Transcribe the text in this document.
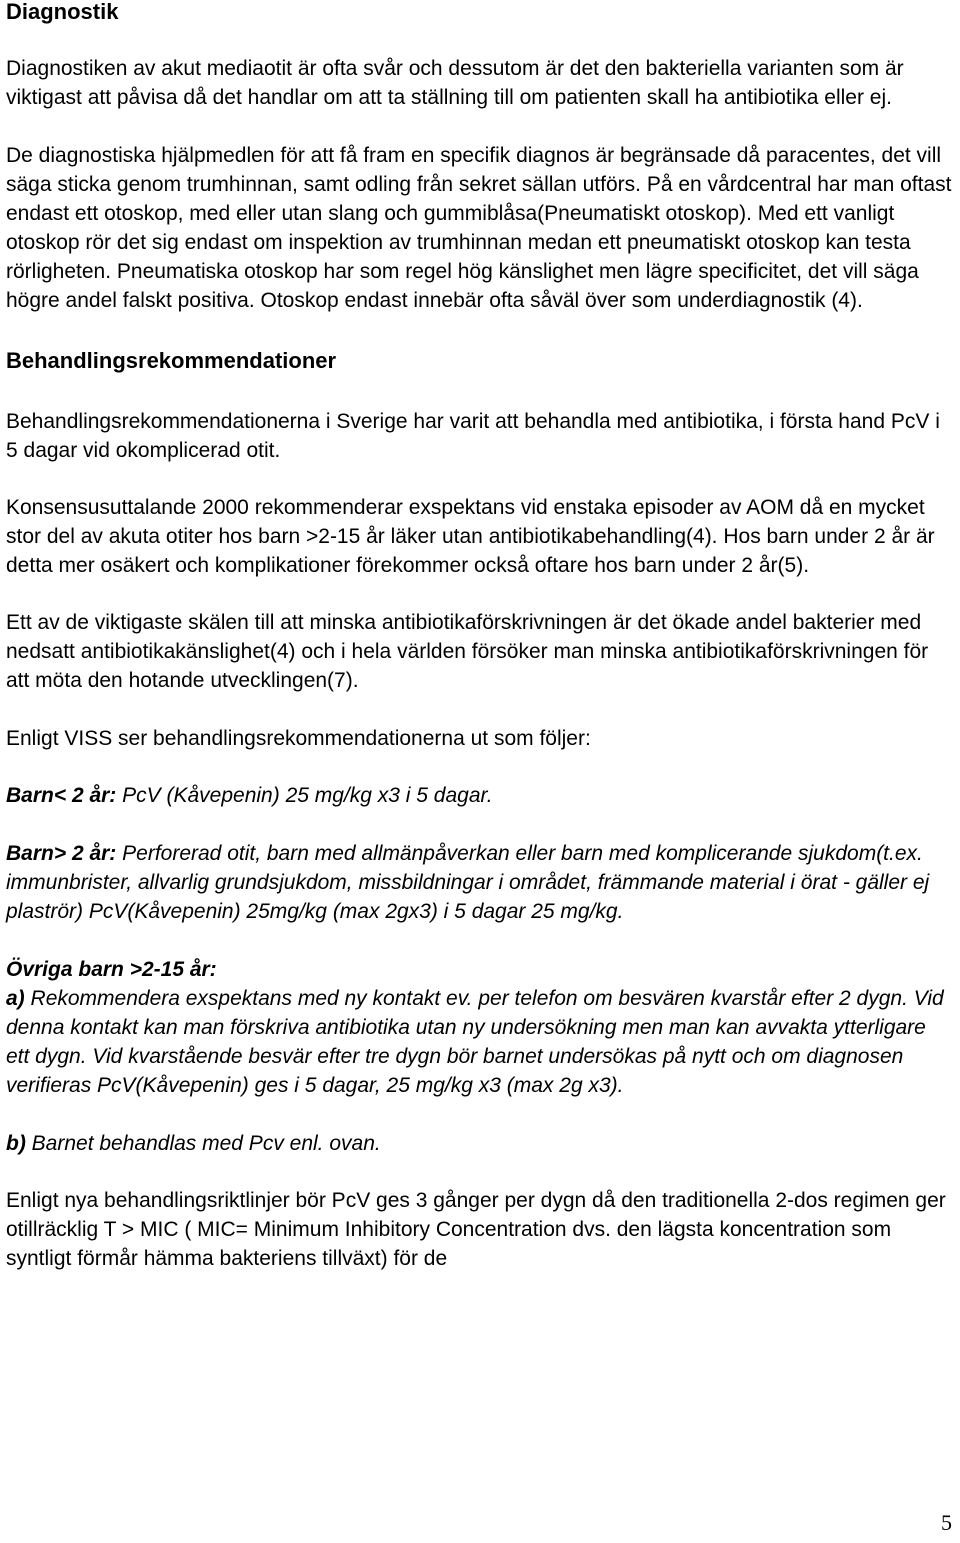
Diagnostik

Diagnostiken av akut mediaotit är ofta svår och dessutom är det den bakteriella varianten som är viktigast att påvisa då det handlar om att ta ställning till om patienten skall ha antibiotika eller ej.

De diagnostiska hjälpmedlen för att få fram en specifik diagnos är begränsade då paracentes, det vill säga sticka genom trumhinnan, samt odling från sekret sällan utförs. På en vårdcentral har man oftast endast ett otoskop, med eller utan slang och gummiblåsa(Pneumatiskt otoskop). Med ett vanligt otoskop rör det sig endast om inspektion av trumhinnan medan ett pneumatiskt otoskop kan testa rörligheten. Pneumatiska otoskop har som regel hög känslighet men lägre specificitet, det vill säga högre andel falskt positiva. Otoskop endast innebär ofta såväl över som underdiagnostik (4).

Behandlingsrekommendationer

Behandlingsrekommendationerna i Sverige har varit att behandla med antibiotika, i första hand PcV i 5 dagar vid okomplicerad otit.

Konsensusuttalande 2000 rekommenderar exspektans vid enstaka episoder av AOM då en mycket stor del av akuta otiter hos barn >2-15 år läker utan antibiotikabehandling(4). Hos barn under 2 år är detta mer osäkert och komplikationer förekommer också oftare hos barn under 2 år(5).

Ett av de viktigaste skälen till att minska antibiotikaförskrivningen är det ökade andel bakterier med nedsatt antibiotikakänslighet(4) och i hela världen försöker man minska antibiotikaförskrivningen för att möta den hotande utvecklingen(7).

Enligt VISS ser behandlingsrekommendationerna ut som följer:

Barn< 2 år: PcV (Kåvepenin) 25 mg/kg x3 i 5 dagar.

Barn> 2 år: Perforerad otit, barn med allmänpåverkan eller barn med komplicerande sjukdom(t.ex. immunbrister, allvarlig grundsjukdom, missbildningar i området, främmande material i örat - gäller ej plaströr) PcV(Kåvepenin) 25mg/kg (max 2gx3) i 5 dagar 25 mg/kg.

Övriga barn >2-15 år:
a) Rekommendera exspektans med ny kontakt ev. per telefon om besvären kvarstår efter 2 dygn. Vid denna kontakt kan man förskriva antibiotika utan ny undersökning men man kan avvakta ytterligare ett dygn. Vid kvarstående besvär efter tre dygn bör barnet undersökas på nytt och om diagnosen verifieras PcV(Kåvepenin) ges i 5 dagar, 25 mg/kg x3 (max 2g x3).

b) Barnet behandlas med Pcv enl. ovan.

Enligt nya behandlingsriktlinjer bör PcV ges 3 gånger per dygn då den traditionella 2-dos regimen ger otillräcklig T > MIC ( MIC= Minimum Inhibitory Concentration dvs. den lägsta koncentration som syntligt förmår hämma bakteriens tillväxt) för de

5
